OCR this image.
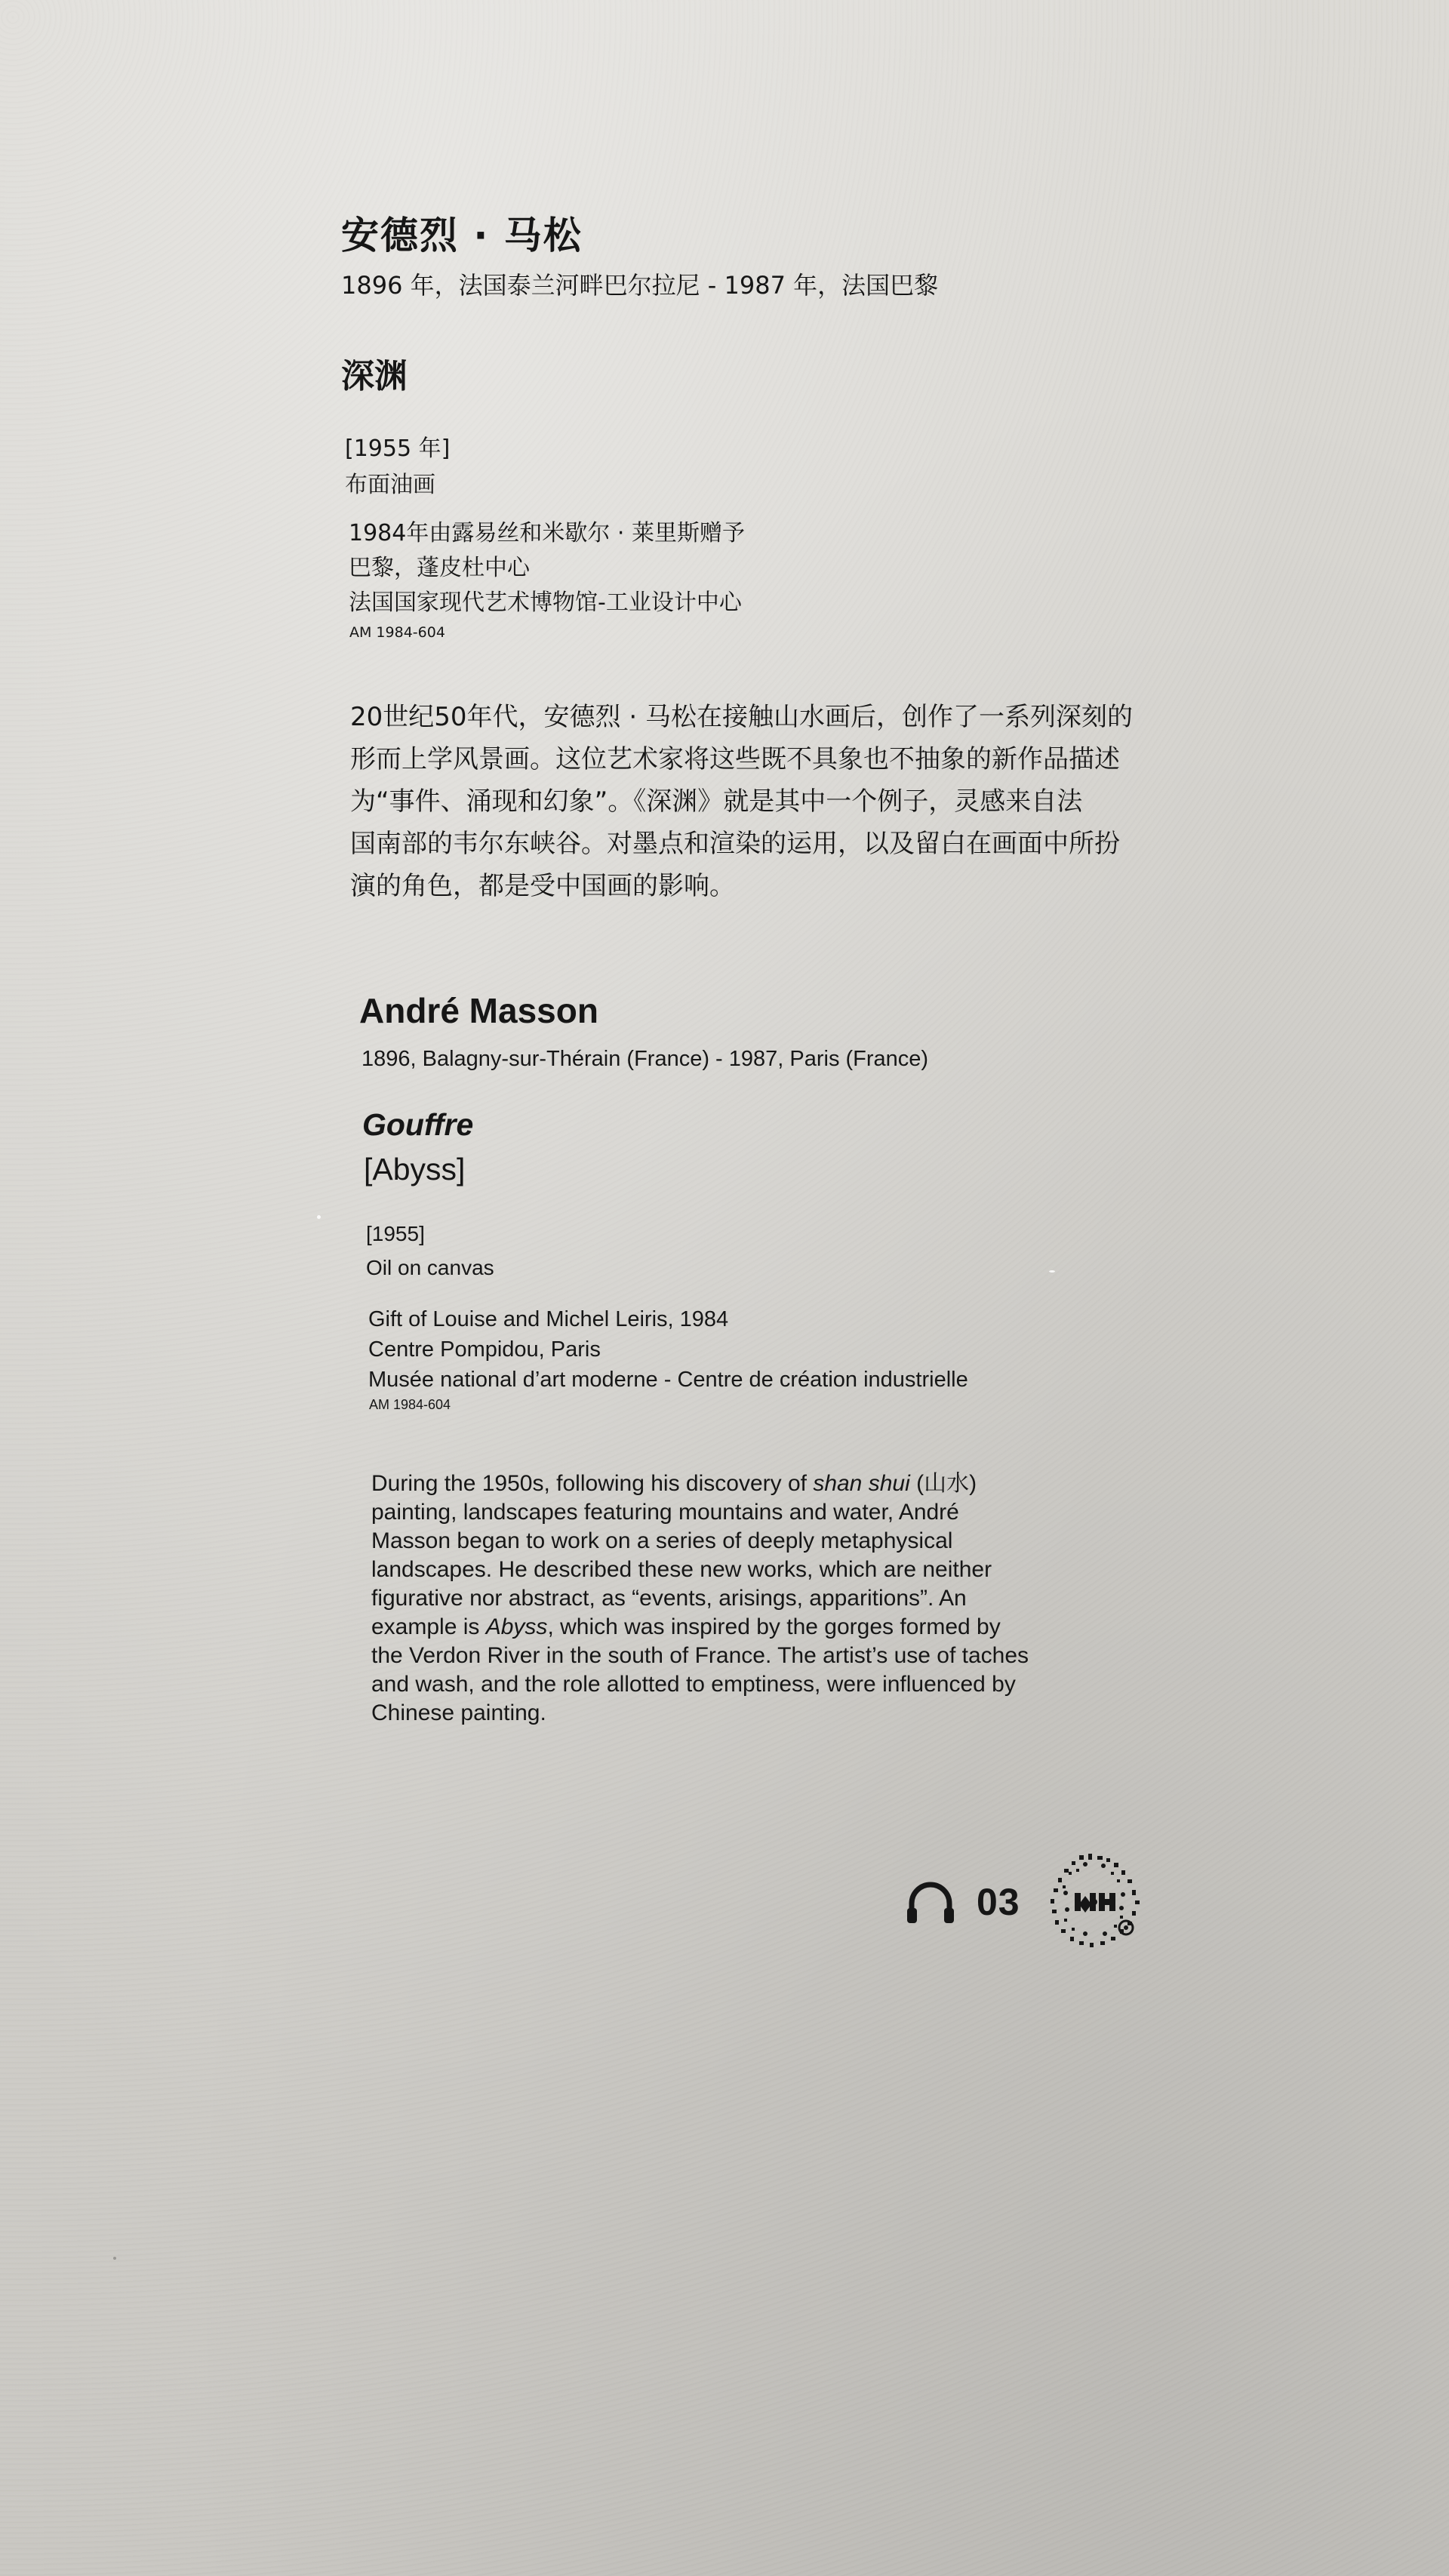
安德烈 · 马松
1896 年，法国泰兰河畔巴尔拉尼 - 1987 年，法国巴黎
深渊
[1955 年]
布面油画
1984年由露易丝和米歇尔 · 莱里斯赠予
巴黎，蓬皮杜中心
法国国家现代艺术博物馆-工业设计中心
AM 1984-604
20世纪50年代，安德烈 · 马松在接触山水画后，创作了一系列深刻的
形而上学风景画。这位艺术家将这些既不具象也不抽象的新作品描述
为“事件、涌现和幻象”。《深渊》就是其中一个例子，灵感来自法
国南部的韦尔东峡谷。对墨点和渲染的运用，以及留白在画面中所扮
演的角色，都是受中国画的影响。
André Masson
1896, Balagny-sur-Thérain (France) - 1987, Paris (France)
Gouffre
[Abyss]
[1955]
Oil on canvas
Gift of Louise and Michel Leiris, 1984
Centre Pompidou, Paris
Musée national d’art moderne - Centre de création industrielle
AM 1984-604
During the 1950s, following his discovery of shan shui (山水)
painting, landscapes featuring mountains and water, André
Masson began to work on a series of deeply metaphysical
landscapes. He described these new works, which are neither
figurative nor abstract, as “events, arisings, apparitions”. An
example is Abyss, which was inspired by the gorges formed by
the Verdon River in the south of France. The artist’s use of taches
and wash, and the role allotted to emptiness, were influenced by
Chinese painting.
03
